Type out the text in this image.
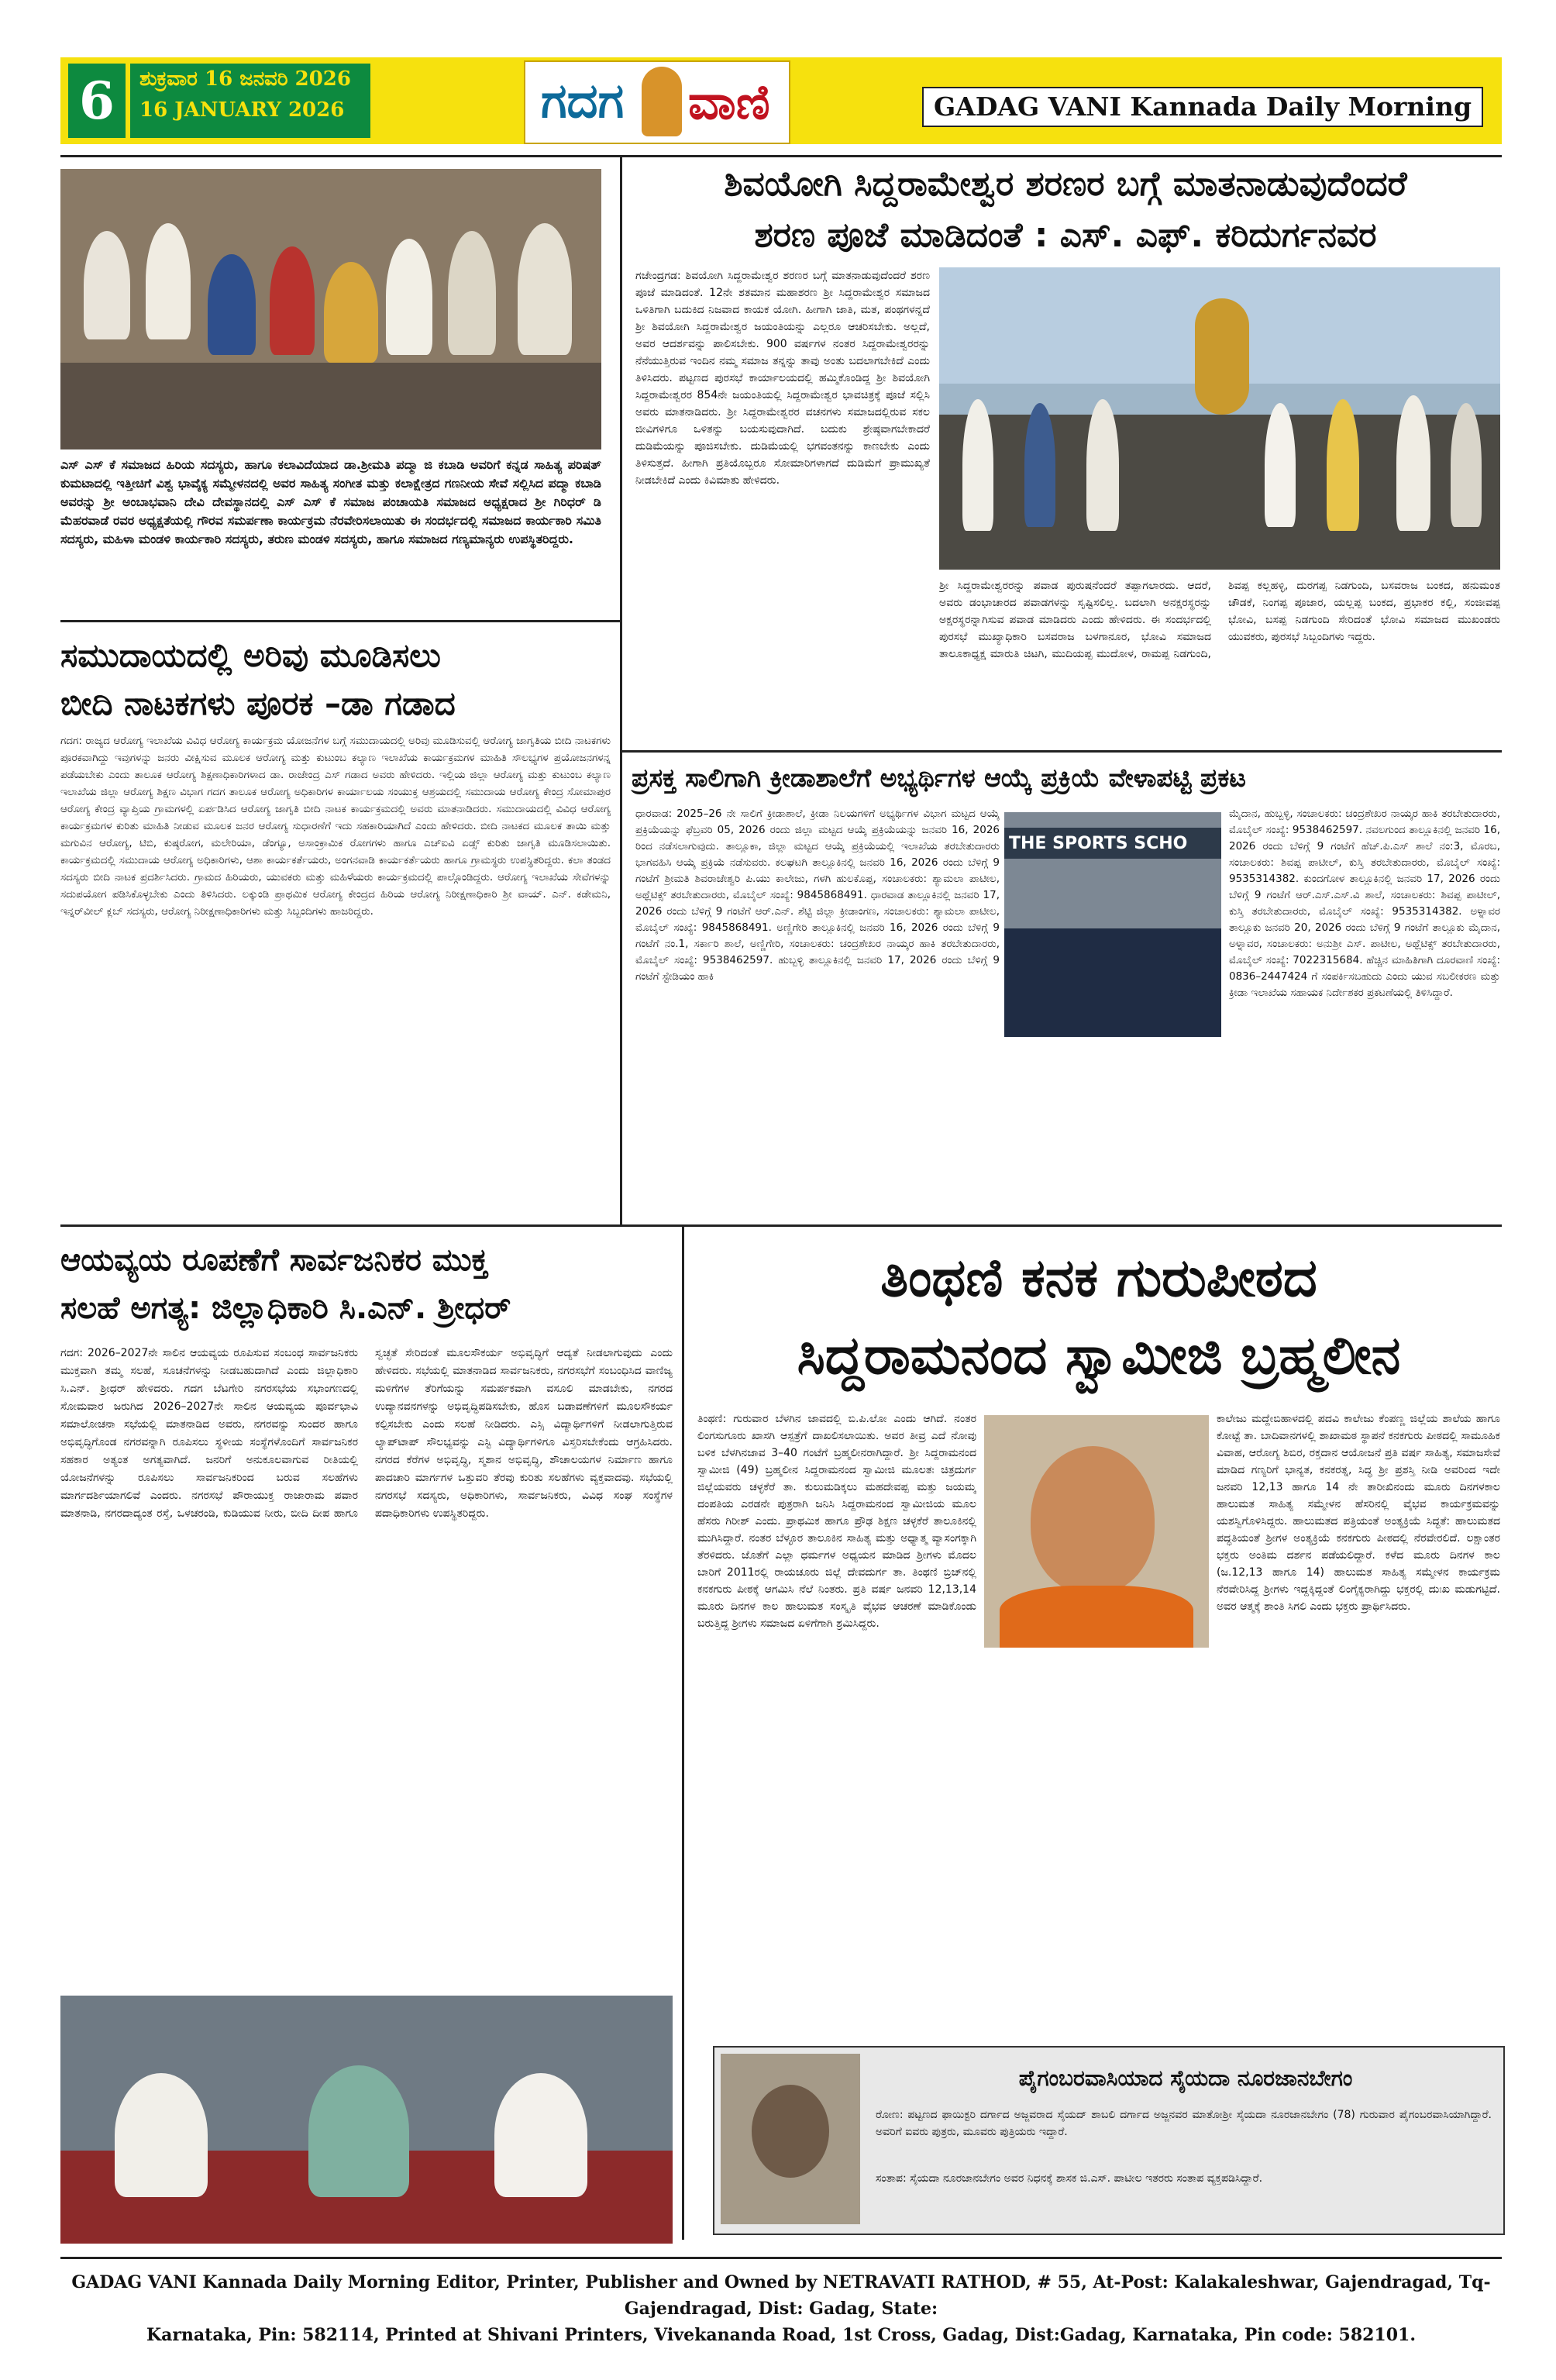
6	ಶುಕ್ರವಾರ 16 ಜನವರಿ 2026
16 JANUARY 2026	ಗದಗ ವಾಣಿ	GADAG VANI Kannada Daily Morning
ಎಸ್ ಎಸ್ ಕೆ ಸಮಾಜದ ಹಿರಿಯ ಸದಸ್ಯರು, ಹಾಗೂ ಕಲಾವಿದೆಯಾದ ಡಾ.ಶ್ರೀಮತಿ ಪದ್ಮಾ ಜಿ ಕಬಾಡಿ ಅವರಿಗೆ ಕನ್ನಡ ಸಾಹಿತ್ಯ ಪರಿಷತ್ ಕುಮಟಾದಲ್ಲಿ ಇತ್ತೀಚಿಗೆ ವಿಶ್ವ ಭಾವೈಕ್ಯ ಸಮ್ಮೇಳನದಲ್ಲಿ ಅವರ ಸಾಹಿತ್ಯ ಸಂಗೀತ ಮತ್ತು ಕಲಾಕ್ಷೇತ್ರದ ಗಣನೀಯ ಸೇವೆ ಸಲ್ಲಿಸಿದ ಪದ್ಮಾ ಕಬಾಡಿ ಅವರನ್ನು ಶ್ರೀ ಅಂಬಾಭವಾನಿ ದೇವಿ ದೇವಸ್ಥಾನದಲ್ಲಿ ಎಸ್ ಎಸ್ ಕೆ ಸಮಾಜ ಪಂಚಾಯತಿ ಸಮಾಜದ ಅಧ್ಯಕ್ಷರಾದ ಶ್ರೀ ಗಿರಿಧರ್ ಡಿ ಮೆಹರವಾಡೆ ರವರ ಅಧ್ಯಕ್ಷತೆಯಲ್ಲಿ ಗೌರವ ಸಮರ್ಪಣಾ ಕಾರ್ಯಕ್ರಮ ನೆರವೇರಿಸಲಾಯಿತು ಈ ಸಂದರ್ಭದಲ್ಲಿ ಸಮಾಜದ ಕಾರ್ಯಕಾರಿ ಸಮಿತಿ ಸದಸ್ಯರು, ಮಹಿಳಾ ಮಂಡಳಿ ಕಾರ್ಯಕಾರಿ ಸದಸ್ಯರು, ತರುಣ ಮಂಡಳಿ ಸದಸ್ಯರು, ಹಾಗೂ ಸಮಾಜದ ಗಣ್ಯಮಾನ್ಯರು ಉಪಸ್ಥಿತರಿದ್ದರು.
ಶಿವಯೋಗಿ ಸಿದ್ದರಾಮೇಶ್ವರ ಶರಣರ ಬಗ್ಗೆ ಮಾತನಾಡುವುದೆಂದರೆ
ಶರಣ ಪೂಜೆ ಮಾಡಿದಂತೆ : ಎಸ್. ಎಫ್. ಕರಿದುರ್ಗನವರ
ಗಜೇಂದ್ರಗಡ: ಶಿವಯೋಗಿ ಸಿದ್ದರಾಮೇಶ್ವರ ಶರಣರ ಬಗ್ಗೆ ಮಾತನಾಡುವುದೆಂದರೆ ಶರಣ ಪೂಜೆ ಮಾಡಿದಂತೆ. 12ನೇ ಶತಮಾನ ಮಹಾಶರಣ ಶ್ರೀ ಸಿದ್ದರಾಮೇಶ್ವರ ಸಮಾಜದ ಒಳಿತಿಗಾಗಿ ಬದುಕಿದ ನಿಜವಾದ ಕಾಯಕ ಯೋಗಿ. ಹೀಗಾಗಿ ಜಾತಿ, ಮತ, ಪಂಥಗಳನ್ನದೆ ಶ್ರೀ ಶಿವಯೋಗಿ ಸಿದ್ದರಾಮೇಶ್ವರ ಜಯಂತಿಯನ್ನು ಎಲ್ಲರೂ ಆಚರಿಸಬೇಕು. ಅಲ್ಲದೆ, ಅವರ ಆದರ್ಶವನ್ನು ಪಾಲಿಸಬೇಕು. 900 ವರ್ಷಗಳ ನಂತರ ಸಿದ್ದರಾಮೇಶ್ವರರನ್ನು ನೆನೆಯುತ್ತಿರುವ ಇಂದಿನ ನಮ್ಮ ಸಮಾಜ ತನ್ನನ್ನು ತಾವು ಅಂತು ಬದಲಾಗಬೇಕಿದೆ ಎಂದು ತಿಳಿಸಿದರು. ಪಟ್ಟಣದ ಪುರಸಭೆ ಕಾರ್ಯಾಲಯದಲ್ಲಿ ಹಮ್ಮಿಕೊಂಡಿದ್ದ ಶ್ರೀ ಶಿವಯೋಗಿ ಸಿದ್ದರಾಮೇಶ್ವರರ 854ನೇ ಜಯಂತಿಯಲ್ಲಿ ಸಿದ್ದರಾಮೇಶ್ವರ ಭಾವಚಿತ್ರಕ್ಕೆ ಪೂಜೆ ಸಲ್ಲಿಸಿ ಅವರು ಮಾತನಾಡಿದರು. ಶ್ರೀ ಸಿದ್ದರಾಮೇಶ್ವರರ ವಚನಗಳು ಸಮಾಜದಲ್ಲಿರುವ ಸಕಲ ಜೀವಿಗಳಿಗೂ ಒಳಿತನ್ನು ಬಯಸುವುದಾಗಿದೆ. ಬದುಕು ಶ್ರೇಷ್ಠವಾಗಬೇಕಾದರೆ ದುಡಿಮೆಯನ್ನು ಪೂಜಿಸಬೇಕು. ದುಡಿಮೆಯಲ್ಲಿ ಭಗವಂತನನ್ನು ಕಾಣಬೇಕು ಎಂದು ತಿಳಿಸುತ್ತದೆ. ಹೀಗಾಗಿ ಪ್ರತಿಯೊಬ್ಬರೂ ಸೋಮಾರಿಗಳಾಗದೆ ದುಡಿಮೆಗೆ ಪ್ರಾಮುಖ್ಯತೆ ನೀಡಬೇಕಿದೆ ಎಂದು ಕಿವಿಮಾತು ಹೇಳಿದರು.
ಶ್ರೀ ಸಿದ್ದರಾಮೇಶ್ವರರನ್ನು ಪವಾಡ ಪುರುಷನೆಂದರೆ ತಪ್ಪಾಗಲಾರದು. ಆದರೆ, ಅವರು ಡಂಭಾಚಾರದ ಪವಾಡಗಳನ್ನು ಸೃಷ್ಟಿಸಲಿಲ್ಲ. ಬದಲಾಗಿ ಅನಕ್ಷರಸ್ಥರನ್ನು ಅಕ್ಷರಸ್ಥರನ್ನಾಗಿಸುವ ಪವಾಡ ಮಾಡಿದರು ಎಂದು ಹೇಳಿದರು. ಈ ಸಂದರ್ಭದಲ್ಲಿ ಪುರಸಭೆ ಮುಖ್ಯಾಧಿಕಾರಿ ಬಸವರಾಜ ಬಳಗಾನೂರ, ಭೋವಿ ಸಮಾಜದ ತಾಲೂಕಾಧ್ಯಕ್ಷ ಮಾರುತಿ ಚಿಟಗಿ, ಮುದಿಯಪ್ಪ ಮುದೋಳ, ರಾಮಪ್ಪ ನಿಡಗುಂದಿ, ಶಿವಪ್ಪ ಕಲ್ಲಹಳ್ಳಿ, ದುರಗಪ್ಪ ನಿಡಗುಂದಿ, ಬಸವರಾಜ ಬಂಕದ, ಹನುಮಂತ ಚೌಡಕೆ, ನಿಂಗಪ್ಪ ಪೂಜಾರ, ಯಲ್ಲಪ್ಪ ಬಂಕದ, ಪ್ರಭಾಕರ ಕಲ್ಲಿ, ಸಂಜೀವಪ್ಪ ಭೋವಿ, ಬಸಪ್ಪ ನಿಡಗುಂದಿ ಸೇರಿದಂತೆ ಭೋವಿ ಸಮಾಜದ ಮುಖಂಡರು ಯುವಕರು, ಪುರಸಭೆ ಸಿಬ್ಬಂದಿಗಳು ಇದ್ದರು.
ಸಮುದಾಯದಲ್ಲಿ ಅರಿವು ಮೂಡಿಸಲು
ಬೀದಿ ನಾಟಕಗಳು ಪೂರಕ –ಡಾ ಗಡಾದ
ಗದಗ: ರಾಜ್ಯದ ಆರೋಗ್ಯ ಇಲಾಖೆಯ ವಿವಿಧ ಆರೋಗ್ಯ ಕಾರ್ಯಕ್ರಮ ಯೋಜನೆಗಳ ಬಗ್ಗೆ ಸಮುದಾಯದಲ್ಲಿ ಅರಿವು ಮೂಡಿಸುವಲ್ಲಿ ಆರೋಗ್ಯ ಜಾಗೃತಿಯ ಬೀದಿ ನಾಟಕಗಳು ಪೂರಕವಾಗಿದ್ದು ಇವುಗಳನ್ನು ಜನರು ವೀಕ್ಷಿಸುವ ಮೂಲಕ ಆರೋಗ್ಯ ಮತ್ತು ಕುಟುಂಬ ಕಲ್ಯಾಣ ಇಲಾಖೆಯ ಕಾರ್ಯಕ್ರಮಗಳ ಮಾಹಿತಿ ಸೌಲಭ್ಯಗಳ ಪ್ರಯೋಜನಗಳನ್ನ ಪಡೆಯಬೇಕು ಎಂದು ತಾಲೂಕ ಆರೋಗ್ಯ ಶಿಕ್ಷಣಾಧಿಕಾರಿಗಳಾದ ಡಾ. ರಾಜೇಂದ್ರ ಎಸ್ ಗಡಾದ ಅವರು ಹೇಳಿದರು. ಇಲ್ಲಿಯ ಜಿಲ್ಲಾ ಆರೋಗ್ಯ ಮತ್ತು ಕುಟುಂಬ ಕಲ್ಯಾಣ ಇಲಾಖೆಯ ಜಿಲ್ಲಾ ಆರೋಗ್ಯ ಶಿಕ್ಷಣ ವಿಭಾಗ ಗದಗ ತಾಲೂಕ ಆರೋಗ್ಯ ಅಧಿಕಾರಿಗಳ ಕಾರ್ಯಾಲಯ ಸಂಯುಕ್ತ ಆಶ್ರಯದಲ್ಲಿ ಸಮುದಾಯ ಆರೋಗ್ಯ ಕೇಂದ್ರ ಸೋಮಾಪುರ ಆರೋಗ್ಯ ಕೇಂದ್ರ ವ್ಯಾಪ್ತಿಯ ಗ್ರಾಮಗಳಲ್ಲಿ ಏರ್ಪಡಿಸಿದ ಆರೋಗ್ಯ ಜಾಗೃತಿ ಬೀದಿ ನಾಟಕ ಕಾರ್ಯಕ್ರಮದಲ್ಲಿ ಅವರು ಮಾತನಾಡಿದರು. ಸಮುದಾಯದಲ್ಲಿ ವಿವಿಧ ಆರೋಗ್ಯ ಕಾರ್ಯಕ್ರಮಗಳ ಕುರಿತು ಮಾಹಿತಿ ನೀಡುವ ಮೂಲಕ ಜನರ ಆರೋಗ್ಯ ಸುಧಾರಣೆಗೆ ಇದು ಸಹಕಾರಿಯಾಗಿದೆ ಎಂದು ಹೇಳಿದರು. ಬೀದಿ ನಾಟಕದ ಮೂಲಕ ತಾಯಿ ಮತ್ತು ಮಗುವಿನ ಆರೋಗ್ಯ, ಟಿಬಿ, ಕುಷ್ಠರೋಗ, ಮಲೇರಿಯಾ, ಡೆಂಗ್ಯೂ, ಅಸಾಂಕ್ರಾಮಿಕ ರೋಗಗಳು ಹಾಗೂ ಎಚ್ಐವಿ ಏಡ್ಸ್ ಕುರಿತು ಜಾಗೃತಿ ಮೂಡಿಸಲಾಯಿತು. ಕಾರ್ಯಕ್ರಮದಲ್ಲಿ ಸಮುದಾಯ ಆರೋಗ್ಯ ಅಧಿಕಾರಿಗಳು, ಆಶಾ ಕಾರ್ಯಕರ್ತೆಯರು, ಅಂಗನವಾಡಿ ಕಾರ್ಯಕರ್ತೆಯರು ಹಾಗೂ ಗ್ರಾಮಸ್ಥರು ಉಪಸ್ಥಿತರಿದ್ದರು. ಕಲಾ ತಂಡದ ಸದಸ್ಯರು ಬೀದಿ ನಾಟಕ ಪ್ರದರ್ಶಿಸಿದರು. ಗ್ರಾಮದ ಹಿರಿಯರು, ಯುವಕರು ಮತ್ತು ಮಹಿಳೆಯರು ಕಾರ್ಯಕ್ರಮದಲ್ಲಿ ಪಾಲ್ಗೊಂಡಿದ್ದರು. ಆರೋಗ್ಯ ಇಲಾಖೆಯ ಸೇವೆಗಳನ್ನು ಸದುಪಯೋಗ ಪಡಿಸಿಕೊಳ್ಳಬೇಕು ಎಂದು ತಿಳಿಸಿದರು. ಲಕ್ಕುಂಡಿ ಪ್ರಾಥಮಿಕ ಆರೋಗ್ಯ ಕೇಂದ್ರದ ಹಿರಿಯ ಆರೋಗ್ಯ ನಿರೀಕ್ಷಣಾಧಿಕಾರಿ ಶ್ರೀ ವಾಯ್. ಎನ್. ಕಡೇಮನಿ, ಇನ್ನರ್‌ವೀಲ್ ಕ್ಲಬ್ ಸದಸ್ಯರು, ಆರೋಗ್ಯ ನಿರೀಕ್ಷಣಾಧಿಕಾರಿಗಳು ಮತ್ತು ಸಿಬ್ಬಂದಿಗಳು ಹಾಜರಿದ್ದರು.
ಪ್ರಸಕ್ತ ಸಾಲಿಗಾಗಿ ಕ್ರೀಡಾಶಾಲೆಗೆ ಅಭ್ಯರ್ಥಿಗಳ ಆಯ್ಕೆ ಪ್ರಕ್ರಿಯೆ ವೇಳಾಪಟ್ಟಿ ಪ್ರಕಟ
ಧಾರವಾಡ: 2025–26 ನೇ ಸಾಲಿಗೆ ಕ್ರೀಡಾಶಾಲೆ, ಕ್ರೀಡಾ ನಿಲಯಗಳಿಗೆ ಅಭ್ಯರ್ಥಿಗಳ ವಿಭಾಗ ಮಟ್ಟದ ಆಯ್ಕೆ ಪ್ರಕ್ರಿಯೆಯನ್ನು ಫೆಬ್ರವರಿ 05, 2026 ರಂದು ಜಿಲ್ಲಾ ಮಟ್ಟದ ಆಯ್ಕೆ ಪ್ರಕ್ರಿಯೆಯನ್ನು ಜನವರಿ 16, 2026 ರಿಂದ ನಡೆಸಲಾಗುವುದು. ತಾಲ್ಲೂಕಾ, ಜಿಲ್ಲಾ ಮಟ್ಟದ ಆಯ್ಕೆ ಪ್ರಕ್ರಿಯೆಯಲ್ಲಿ ಇಲಾಖೆಯ ತರಬೇತುದಾರರು ಭಾಗವಹಿಸಿ ಆಯ್ಕೆ ಪ್ರಕ್ರಿಯೆ ನಡೆಸುವರು. ಕಲಘಟಗಿ ತಾಲ್ಲೂಕಿನಲ್ಲಿ ಜನವರಿ 16, 2026 ರಂದು ಬೆಳಿಗ್ಗೆ 9 ಗಂಟೆಗೆ ಶ್ರೀಮತಿ ಶಿವರಾಜೇಶ್ವರಿ ಪಿ.ಯು ಕಾಲೇಜು, ಗಳಗಿ ಹುಲಕೊಪ್ಪ, ಸಂಚಾಲಕರು: ಶ್ಯಾಮಲಾ ಪಾಟೀಲ, ಅಥ್ಲೆಟಿಕ್ಸ್ ತರಬೇತುದಾರರು, ಮೊಬೈಲ್ ಸಂಖ್ಯೆ: 9845868491. ಧಾರವಾಡ ತಾಲ್ಲೂಕಿನಲ್ಲಿ ಜನವರಿ 17, 2026 ರಂದು ಬೆಳಿಗ್ಗೆ 9 ಗಂಟೆಗೆ ಆರ್.ಎನ್. ಶೆಟ್ಟಿ ಜಿಲ್ಲಾ ಕ್ರೀಡಾಂಗಣ, ಸಂಚಾಲಕರು: ಶ್ಯಾಮಲಾ ಪಾಟೀಲ, ಮೊಬೈಲ್ ಸಂಖ್ಯೆ: 9845868491. ಅಣ್ಣಿಗೇರಿ ತಾಲ್ಲೂಕಿನಲ್ಲಿ ಜನವರಿ 16, 2026 ರಂದು ಬೆಳಿಗ್ಗೆ 9 ಗಂಟೆಗೆ ನಂ.1, ಸರ್ಕಾರಿ ಶಾಲೆ, ಅಣ್ಣಿಗೇರಿ, ಸಂಚಾಲಕರು: ಚಂದ್ರಶೇಖರ ನಾಯ್ಕರ ಹಾಕಿ ತರಬೇತುದಾರರು, ಮೊಬೈಲ್ ಸಂಖ್ಯೆ: 9538462597. ಹುಬ್ಬಳ್ಳಿ ತಾಲ್ಲೂಕಿನಲ್ಲಿ ಜನವರಿ 17, 2026 ರಂದು ಬೆಳಿಗ್ಗೆ 9 ಗಂಟೆಗೆ ಸ್ಟೇಡಿಯಂ ಹಾಕಿ
THE SPORTS SCHO
ಮೈದಾನ, ಹುಬ್ಬಳ್ಳಿ, ಸಂಚಾಲಕರು: ಚಂದ್ರಶೇಖರ ನಾಯ್ಕರ ಹಾಕಿ ತರಬೇತುದಾರರು, ಮೊಬೈಲ್ ಸಂಖ್ಯೆ: 9538462597. ನವಲಗುಂದ ತಾಲ್ಲೂಕಿನಲ್ಲಿ ಜನವರಿ 16, 2026 ರಂದು ಬೆಳಿಗ್ಗೆ 9 ಗಂಟೆಗೆ ಹೆಚ್.ಪಿ.ಎಸ್ ಶಾಲೆ ನಂ:3, ಮೊರಬ, ಸಂಚಾಲಕರು: ಶಿವಪ್ಪ ಪಾಟೀಲ್, ಕುಸ್ತಿ ತರಬೇತುದಾರರು, ಮೊಬೈಲ್ ಸಂಖ್ಯೆ: 9535314382. ಕುಂದಗೋಳ ತಾಲ್ಲೂಕಿನಲ್ಲಿ ಜನವರಿ 17, 2026 ರಂದು ಬೆಳಿಗ್ಗೆ 9 ಗಂಟೆಗೆ ಆರ್.ಎಸ್.ಎಸ್.ವಿ ಶಾಲೆ, ಸಂಚಾಲಕರು: ಶಿವಪ್ಪ ಪಾಟೀಲ್, ಕುಸ್ತಿ ತರಬೇತುದಾರರು, ಮೊಬೈಲ್ ಸಂಖ್ಯೆ: 9535314382. ಅಳ್ನಾವರ ತಾಲ್ಲೂಕು ಜನವರಿ 20, 2026 ರಂದು ಬೆಳಿಗ್ಗೆ 9 ಗಂಟೆಗೆ ತಾಲ್ಲೂಕು ಮೈದಾನ, ಅಳ್ನಾವರ, ಸಂಚಾಲಕರು: ಅನುಶ್ರೀ ಎಸ್. ಪಾಟೀಲ, ಅಥ್ಲೆಟಿಕ್ಸ್ ತರಬೇತುದಾರರು, ಮೊಬೈಲ್ ಸಂಖ್ಯೆ: 7022315684. ಹೆಚ್ಚಿನ ಮಾಹಿತಿಗಾಗಿ ದೂರವಾಣಿ ಸಂಖ್ಯೆ: 0836–2447424 ಗೆ ಸಂಪರ್ಕಿಸಬಹುದು ಎಂದು ಯುವ ಸಬಲೀಕರಣ ಮತ್ತು ಕ್ರೀಡಾ ಇಲಾಖೆಯ ಸಹಾಯಕ ನಿರ್ದೇಶಕರ ಪ್ರಕಟಣೆಯಲ್ಲಿ ತಿಳಿಸಿದ್ದಾರೆ.
ಆಯವ್ಯಯ ರೂಪಣೆಗೆ ಸಾರ್ವಜನಿಕರ ಮುಕ್ತ
ಸಲಹೆ ಅಗತ್ಯ: ಜಿಲ್ಲಾಧಿಕಾರಿ ಸಿ.ಎನ್. ಶ್ರೀಧರ್
ಗದಗ: 2026–2027ನೇ ಸಾಲಿನ ಆಯವ್ಯಯ ರೂಪಿಸುವ ಸಂಬಂಧ ಸಾರ್ವಜನಿಕರು ಮುಕ್ತವಾಗಿ ತಮ್ಮ ಸಲಹೆ, ಸೂಚನೆಗಳನ್ನು ನೀಡಬಹುದಾಗಿದೆ ಎಂದು ಜಿಲ್ಲಾಧಿಕಾರಿ ಸಿ.ಎನ್. ಶ್ರೀಧರ್ ಹೇಳಿದರು. ಗದಗ ಬೆಟಗೇರಿ ನಗರಸಭೆಯ ಸಭಾಂಗಣದಲ್ಲಿ ಸೋಮವಾರ ಜರುಗಿದ 2026–2027ನೇ ಸಾಲಿನ ಆಯವ್ಯಯ ಪೂರ್ವಭಾವಿ ಸಮಾಲೋಚನಾ ಸಭೆಯಲ್ಲಿ ಮಾತನಾಡಿದ ಅವರು, ನಗರವನ್ನು ಸುಂದರ ಹಾಗೂ ಅಭಿವೃದ್ಧಿಗೊಂಡ ನಗರವನ್ನಾಗಿ ರೂಪಿಸಲು ಸ್ಥಳೀಯ ಸಂಸ್ಥೆಗಳೊಂದಿಗೆ ಸಾರ್ವಜನಿಕರ ಸಹಕಾರ ಅತ್ಯಂತ ಅಗತ್ಯವಾಗಿದೆ. ಜನರಿಗೆ ಅನುಕೂಲವಾಗುವ ರೀತಿಯಲ್ಲಿ ಯೋಜನೆಗಳನ್ನು ರೂಪಿಸಲು ಸಾರ್ವಜನಿಕರಿಂದ ಬರುವ ಸಲಹೆಗಳು ಮಾರ್ಗದರ್ಶಿಯಾಗಲಿವೆ ಎಂದರು. ನಗರಸಭೆ ಪೌರಾಯುಕ್ತ ರಾಜಾರಾಮ ಪವಾರ ಮಾತನಾಡಿ, ನಗರದಾದ್ಯಂತ ರಸ್ತೆ, ಒಳಚರಂಡಿ, ಕುಡಿಯುವ ನೀರು, ಬೀದಿ ದೀಪ ಹಾಗೂ ಸ್ವಚ್ಛತೆ ಸೇರಿದಂತೆ ಮೂಲಸೌಕರ್ಯ ಅಭಿವೃದ್ಧಿಗೆ ಆದ್ಯತೆ ನೀಡಲಾಗುವುದು ಎಂದು ಹೇಳಿದರು. ಸಭೆಯಲ್ಲಿ ಮಾತನಾಡಿದ ಸಾರ್ವಜನಿಕರು, ನಗರಸಭೆಗೆ ಸಂಬಂಧಿಸಿದ ವಾಣಿಜ್ಯ ಮಳಿಗೆಗಳ ತೆರಿಗೆಯನ್ನು ಸಮರ್ಪಕವಾಗಿ ವಸೂಲಿ ಮಾಡಬೇಕು, ನಗರದ ಉದ್ಯಾನವನಗಳನ್ನು ಅಭಿವೃದ್ಧಿಪಡಿಸಬೇಕು, ಹೊಸ ಬಡಾವಣೆಗಳಿಗೆ ಮೂಲಸೌಕರ್ಯ ಕಲ್ಪಿಸಬೇಕು ಎಂದು ಸಲಹೆ ನೀಡಿದರು. ಎಸ್ಸಿ ವಿದ್ಯಾರ್ಥಿಗಳಿಗೆ ನೀಡಲಾಗುತ್ತಿರುವ ಲ್ಯಾಪ್‌ಟಾಪ್ ಸೌಲಭ್ಯವನ್ನು ಎಸ್ಟಿ ವಿದ್ಯಾರ್ಥಿಗಳಿಗೂ ವಿಸ್ತರಿಸಬೇಕೆಂದು ಆಗ್ರಹಿಸಿದರು. ನಗರದ ಕೆರೆಗಳ ಅಭಿವೃದ್ಧಿ, ಸ್ಮಶಾನ ಅಭಿವೃದ್ಧಿ, ಶೌಚಾಲಯಗಳ ನಿರ್ಮಾಣ ಹಾಗೂ ಪಾದಚಾರಿ ಮಾರ್ಗಗಳ ಒತ್ತುವರಿ ತೆರವು ಕುರಿತು ಸಲಹೆಗಳು ವ್ಯಕ್ತವಾದವು. ಸಭೆಯಲ್ಲಿ ನಗರಸಭೆ ಸದಸ್ಯರು, ಅಧಿಕಾರಿಗಳು, ಸಾರ್ವಜನಿಕರು, ವಿವಿಧ ಸಂಘ ಸಂಸ್ಥೆಗಳ ಪದಾಧಿಕಾರಿಗಳು ಉಪಸ್ಥಿತರಿದ್ದರು.
ತಿಂಥಣಿ ಕನಕ ಗುರುಪೀಠದ
ಸಿದ್ದರಾಮನಂದ ಸ್ವಾಮೀಜಿ ಬ್ರಹ್ಮಲೀನ
ತಿಂಥಣಿ: ಗುರುವಾರ ಬೆಳಗಿನ ಜಾವದಲ್ಲಿ ಬಿ.ಪಿ.ಲೋ ಎಂದು ಆಗಿದೆ. ನಂತರ ಲಿಂಗಸುಗೂರು ಖಾಸಗಿ ಆಸ್ಪತ್ರೆಗೆ ದಾಖಲಿಸಲಾಯಿತು. ಅವರ ತೀವ್ರ ಎದೆ ನೋವು ಬಳಿಕ ಬೆಳಗಿನಜಾವ 3–40 ಗಂಟೆಗೆ ಬ್ರಹ್ಮಲೀನರಾಗಿದ್ದಾರೆ. ಶ್ರೀ ಸಿದ್ದರಾಮನಂದ ಸ್ವಾಮೀಜಿ (49) ಬ್ರಹ್ಮಲೀನ ಸಿದ್ದರಾಮನಂದ ಸ್ವಾಮೀಜಿ ಮೂಲತಃ ಚಿತ್ರದುರ್ಗ ಜಿಲ್ಲೆಯವರು ಚಳ್ಳಕೆರೆ ತಾ. ಕುಲುಮಡಿಕ್ಕಲು ಮಹದೇವಪ್ಪ ಮತ್ತು ಜಯಮ್ಮ ದಂಪತಿಯ ಎರಡನೇ ಪುತ್ರರಾಗಿ ಜನಿಸಿ ಸಿದ್ದರಾಮನಂದ ಸ್ವಾಮೀಜಿಯ ಮೂಲ ಹೆಸರು ಗಿರೀಶ್ ಎಂದು. ಪ್ರಾಥಮಿಕ ಹಾಗೂ ಪ್ರೌಢ ಶಿಕ್ಷಣ ಚಳ್ಳಕೆರೆ ತಾಲೂಕಿನಲ್ಲಿ ಮುಗಿಸಿದ್ದಾರೆ. ನಂತರ ಬೆಳ್ಳೂರ ತಾಲೂಕಿನ ಸಾಹಿತ್ಯ ಮತ್ತು ಅಧ್ಯಾತ್ಮ ವ್ಯಾಸಂಗಕ್ಕಾಗಿ ತೆರಳಿದರು. ಜೊತೆಗೆ ಎಲ್ಲಾ ಧರ್ಮಗಳ ಅಧ್ಯಯನ ಮಾಡಿದ ಶ್ರೀಗಳು ಮೊದಲ ಬಾರಿಗೆ 2011ರಲ್ಲಿ ರಾಯಚೂರು ಜಿಲ್ಲೆ ದೇವದುರ್ಗ ತಾ. ತಿಂಥಣಿ ಬ್ರಿಜ್‌ನಲ್ಲಿ ಕನಕಗುರು ಪೀಠಕ್ಕೆ ಆಗಮಿಸಿ ನೆಲೆ ನಿಂತರು. ಪ್ರತಿ ವರ್ಷ ಜನವರಿ 12,13,14 ಮೂರು ದಿನಗಳ ಕಾಲ ಹಾಲುಮತ ಸಂಸ್ಕೃತಿ ವೈಭವ ಆಚರಣೆ ಮಾಡಿಕೊಂಡು ಬರುತ್ತಿದ್ದ ಶ್ರೀಗಳು ಸಮಾಜದ ಏಳಿಗೆಗಾಗಿ ಶ್ರಮಿಸಿದ್ದರು.
ಕಾಲೇಜು ಮದ್ದೇಬಿಹಾಳದಲ್ಲಿ ಪದವಿ ಕಾಲೇಜು ಕೆಂಪಣ್ಣ ಜಿಲ್ಲೆಯ ಶಾಲೆಯ ಹಾಗೂ ಕೋಟ್ಟೆ ತಾ. ಬಾದಿವಾನಗಳಲ್ಲಿ ಶಾಖಾಮಠ ಸ್ಥಾಪನೆ ಕನಕಗುರು ಪೀಠದಲ್ಲಿ ಸಾಮೂಹಿಕ ವಿವಾಹ, ಆರೋಗ್ಯ ಶಿಬಿರ, ರಕ್ತದಾನ ಆಯೋಜನೆ ಪ್ರತಿ ವರ್ಷ ಸಾಹಿತ್ಯ, ಸಮಾಜಸೇವೆ ಮಾಡಿದ ಗಣ್ಯರಿಗೆ ಭಾನ್ಯತ, ಕನಕರತ್ನ, ಸಿದ್ಧ ಶ್ರೀ ಪ್ರಶಸ್ತಿ ನೀಡಿ ಅವರಿಂದ ಇದೇ ಜನವರಿ 12,13 ಹಾಗೂ 14 ನೇ ತಾರೀಖಿನಂದು ಮೂರು ದಿನಗಳಕಾಲ ಹಾಲುಮತ ಸಾಹಿತ್ಯ ಸಮ್ಮೇಳನ ಹೆಸರಿನಲ್ಲಿ ವೈಭವ ಕಾರ್ಯಕ್ರಮವನ್ನು ಯಶಸ್ವಿಗೊಳಿಸಿದ್ದರು. ಹಾಲುಮತದ ಪತ್ರಿಯಂತೆ ಅಂತ್ಯಕ್ರಿಯೆ ಸಿದ್ಧತೆ: ಹಾಲುಮತದ ಪದ್ಧತಿಯಂತೆ ಶ್ರೀಗಳ ಅಂತ್ಯಕ್ರಿಯೆ ಕನಕಗುರು ಪೀಠದಲ್ಲಿ ನೆರವೇರಲಿದೆ. ಲಕ್ಷಾಂತರ ಭಕ್ತರು ಅಂತಿಮ ದರ್ಶನ ಪಡೆಯಲಿದ್ದಾರೆ. ಕಳೆದ ಮೂರು ದಿನಗಳ ಕಾಲ (ಜ.12,13 ಹಾಗೂ 14) ಹಾಲುಮತ ಸಾಹಿತ್ಯ ಸಮ್ಮೇಳನ ಕಾರ್ಯಕ್ರಮ ನೆರವೇರಿಸಿದ್ದ ಶ್ರೀಗಳು ಇದ್ದಕ್ಕಿದ್ದಂತೆ ಲಿಂಗೈಕ್ಯರಾಗಿದ್ದು ಭಕ್ತರಲ್ಲಿ ದುಃಖ ಮಡುಗಟ್ಟಿದೆ. ಅವರ ಆತ್ಮಕ್ಕೆ ಶಾಂತಿ ಸಿಗಲಿ ಎಂದು ಭಕ್ತರು ಪ್ರಾರ್ಥಿಸಿದರು.
ಪೈಗಂಬರವಾಸಿಯಾದ ಸೈಯದಾ ನೂರಜಾನಬೇಗಂ
ರೋಣ: ಪಟ್ಟಣದ ಫಾಯಿಕ್ಟರಿ ದರ್ಗಾದ ಅಜ್ಜವರಾದ ಸೈಯದ್ ಶಾಬಲಿ ದರ್ಗಾದ ಅಜ್ಜನವರ ಮಾತೋಶ್ರೀ ಸೈಯದಾ ನೂರಜಾನಬೇಗಂ (78) ಗುರುವಾರ ಪೈಗಂಬರವಾಸಿಯಾಗಿದ್ದಾರೆ. ಅವರಿಗೆ ಐವರು ಪುತ್ರರು, ಮೂವರು ಪುತ್ರಿಯರು ಇದ್ದಾರೆ.
ಸಂತಾಪ: ಸೈಯದಾ ನೂರಜಾನಬೇಗಂ ಅವರ ನಿಧನಕ್ಕೆ ಶಾಸಕ ಜಿ.ಎಸ್. ಪಾಟೀಲ ಇತರರು ಸಂತಾಪ ವ್ಯಕ್ತಪಡಿಸಿದ್ದಾರೆ.
GADAG VANI Kannada Daily Morning Editor, Printer, Publisher and Owned by NETRAVATI RATHOD, # 55, At-Post: Kalakaleshwar, Gajendragad, Tq-Gajendragad, Dist: Gadag, State:
Karnataka, Pin: 582114, Printed at Shivani Printers, Vivekananda Road, 1st Cross, Gadag, Dist:Gadag, Karnataka, Pin code: 582101.
